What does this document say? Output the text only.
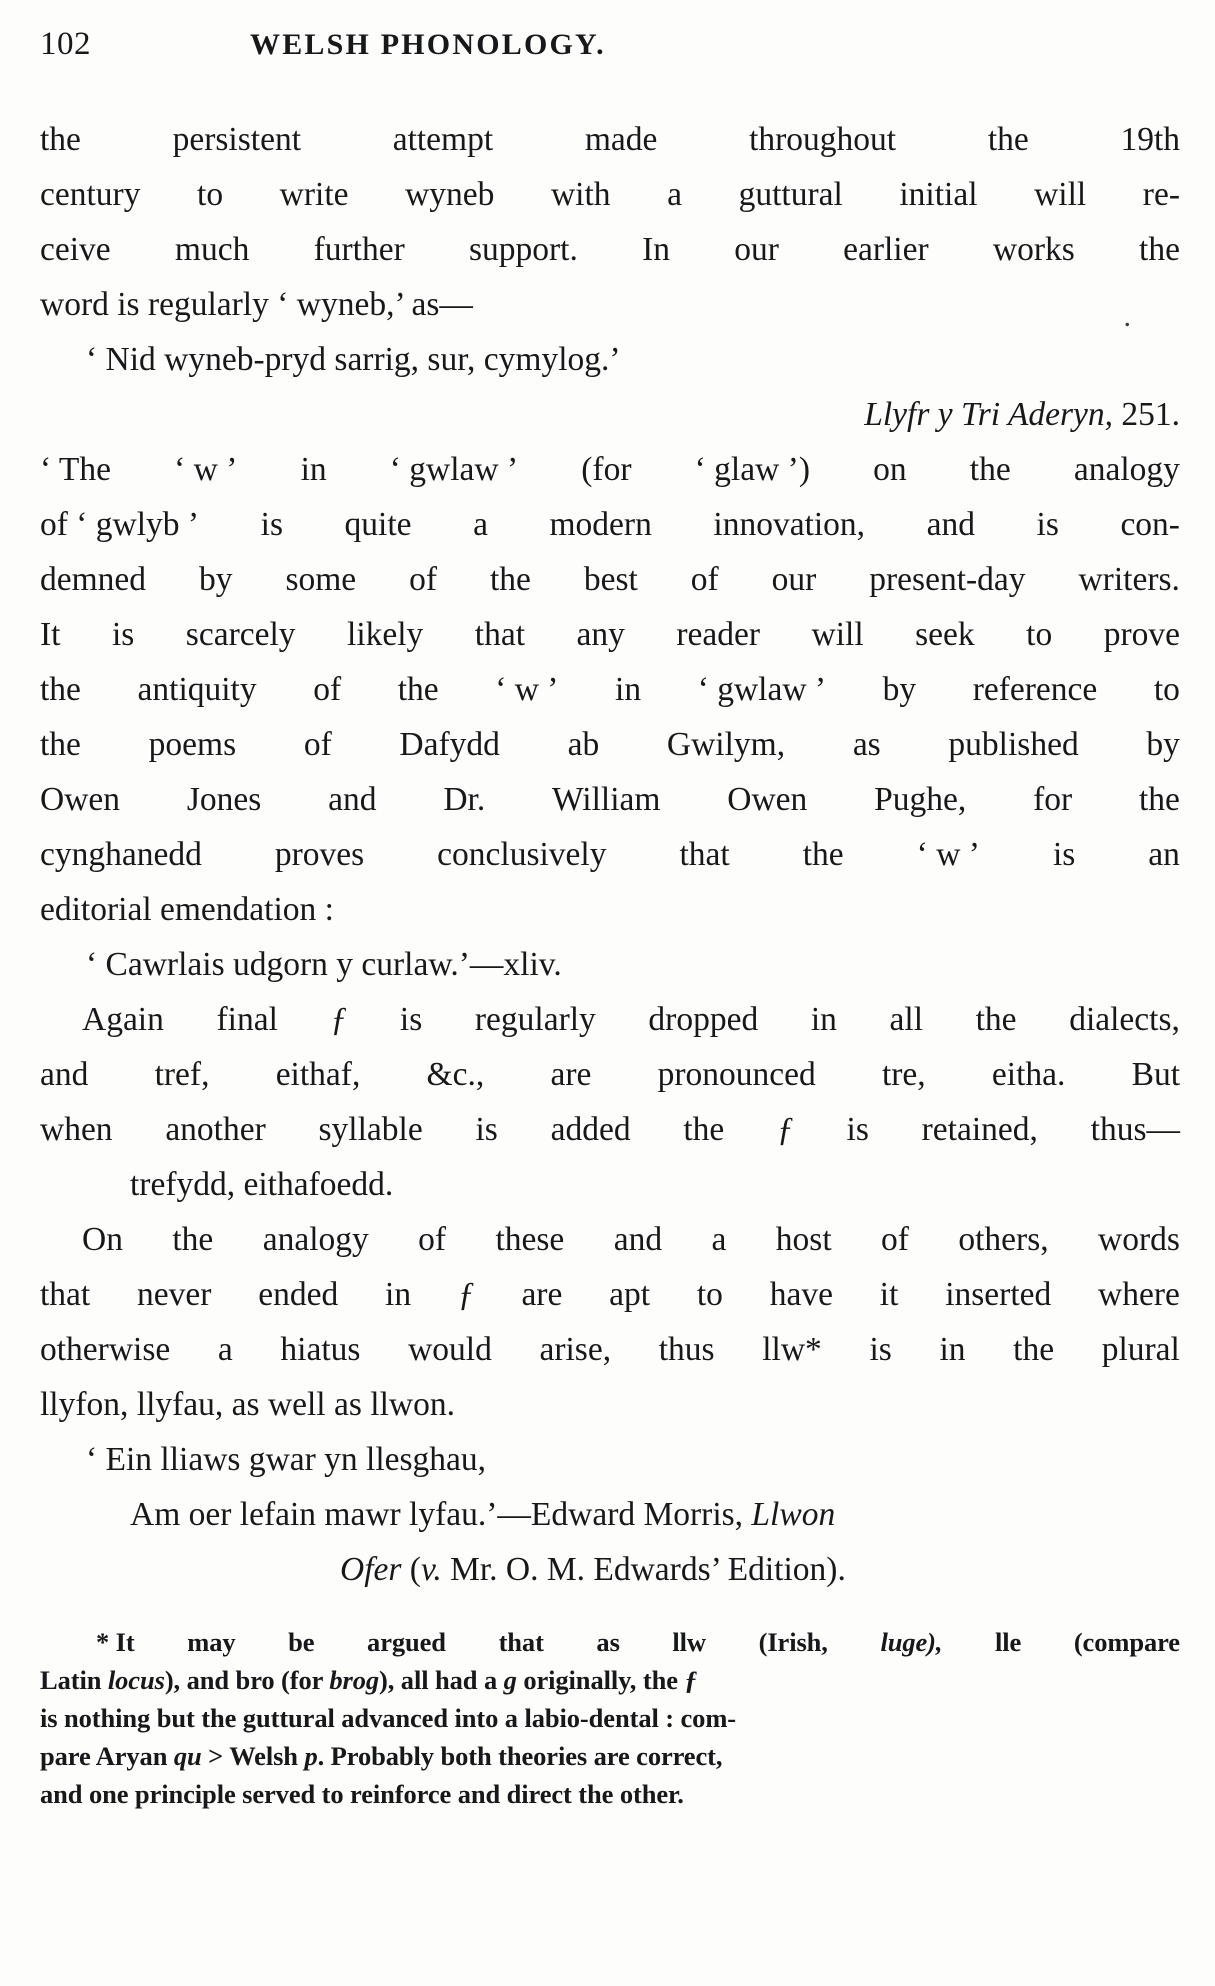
102	WELSH PHONOLOGY.
the	persistent	attempt	made	throughout	the	19th
century to write wyneb with a guttural initial will re-
ceive much further support. In our earlier works the
word is regularly ‘ wyneb,’ as—
‘ Nid wyneb-pryd sarrig, sur, cymylog.’
Llyfr y Tri Aderyn, 251.
‘ The ‘ w ’ in ‘ gwlaw ’ (for ‘ glaw ’) on the analogy
of ‘ gwlyb ’ is quite a modern innovation, and is con-
demned by some of the best of our present-day writers.
It is scarcely likely that any reader will seek to prove
the antiquity of the ‘ w ’ in ‘ gwlaw ’ by reference to
the poems of Dafydd ab Gwilym, as published by
Owen Jones and Dr. William Owen Pughe, for the
cynghanedd proves conclusively that the ‘ w ’ is an
editorial emendation :
‘ Cawrlais udgorn y curlaw.’—xliv.
Again final ƒ is regularly dropped in all the dialects,
and tref, eithaf, &c., are pronounced tre, eitha. But
when another syllable is added the ƒ is retained, thus—
trefydd, eithafoedd.
On the analogy of these and a host of others, words
that never ended in ƒ are apt to have it inserted where
otherwise a hiatus would arise, thus llw* is in the plural
llyfon, llyfau, as well as llwon.
‘ Ein lliaws gwar yn llesghau,
Am oer lefain mawr lyfau.’—Edward Morris, Llwon
Ofer (v. Mr. O. M. Edwards’ Edition).
* It may be argued that as llw (Irish, luge), lle (compare
Latin locus), and bro (for brog), all had a g originally, the ƒ
is nothing but the guttural advanced into a labio-dental : com-
pare Aryan qu > Welsh p. Probably both theories are correct,
and one principle served to reinforce and direct the other.
.
